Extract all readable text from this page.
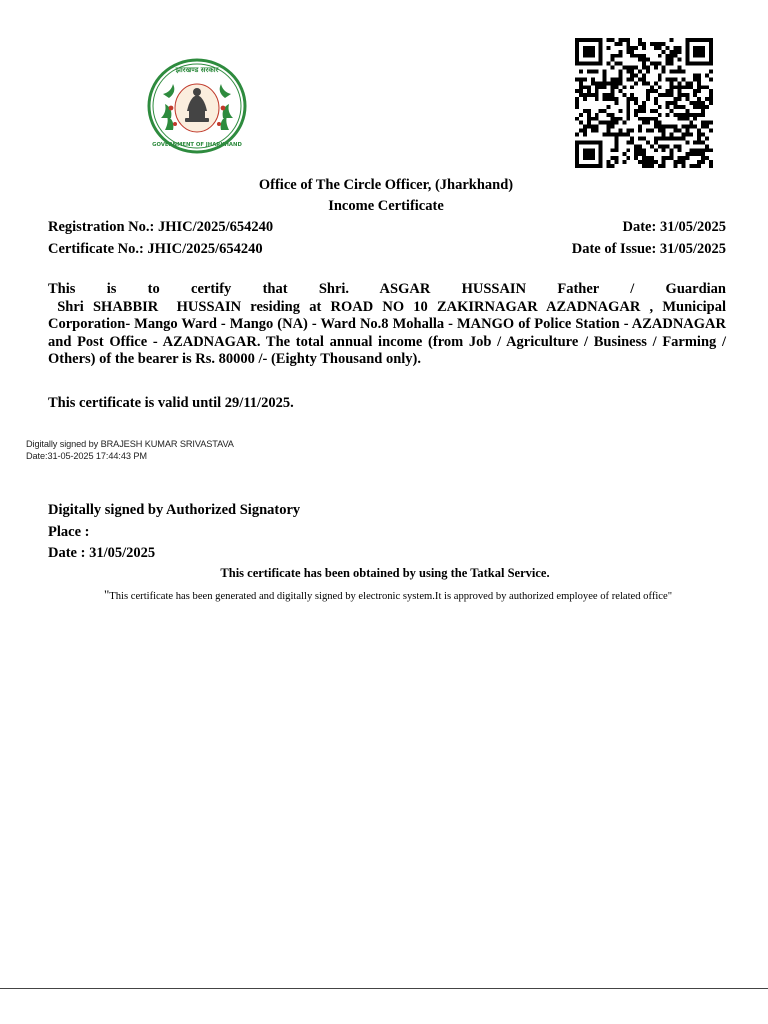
झारखण्ड सरकार
GOVERNMENT OF JHARKHAND
Office of The Circle Officer, (Jharkhand)
Income Certificate
Registration No.: JHIC/2025/654240	Date: 31/05/2025
Certificate No.: JHIC/2025/654240	Date of Issue: 31/05/2025
This is to certify that Shri. ASGAR HUSSAIN Father / Guardian
Shri SHABBIR  HUSSAIN residing at ROAD NO 10 ZAKIRNAGAR AZADNAGAR , Municipal Corporation- Mango Ward - Mango (NA) - Ward No.8 Mohalla - MANGO of Police Station - AZADNAGAR and Post Office - AZADNAGAR. The total annual income (from Job / Agriculture / Business / Farming / Others) of the bearer is Rs. 80000 /- (Eighty Thousand only).
This certificate is valid until 29/11/2025.
Digitally signed by BRAJESH KUMAR SRIVASTAVA
Date:31-05-2025 17:44:43 PM
Digitally signed by Authorized Signatory
Place :
Date : 31/05/2025
This certificate has been obtained by using the Tatkal Service.
"This certificate has been generated and digitally signed by electronic system.It is approved by authorized employee of related office"
